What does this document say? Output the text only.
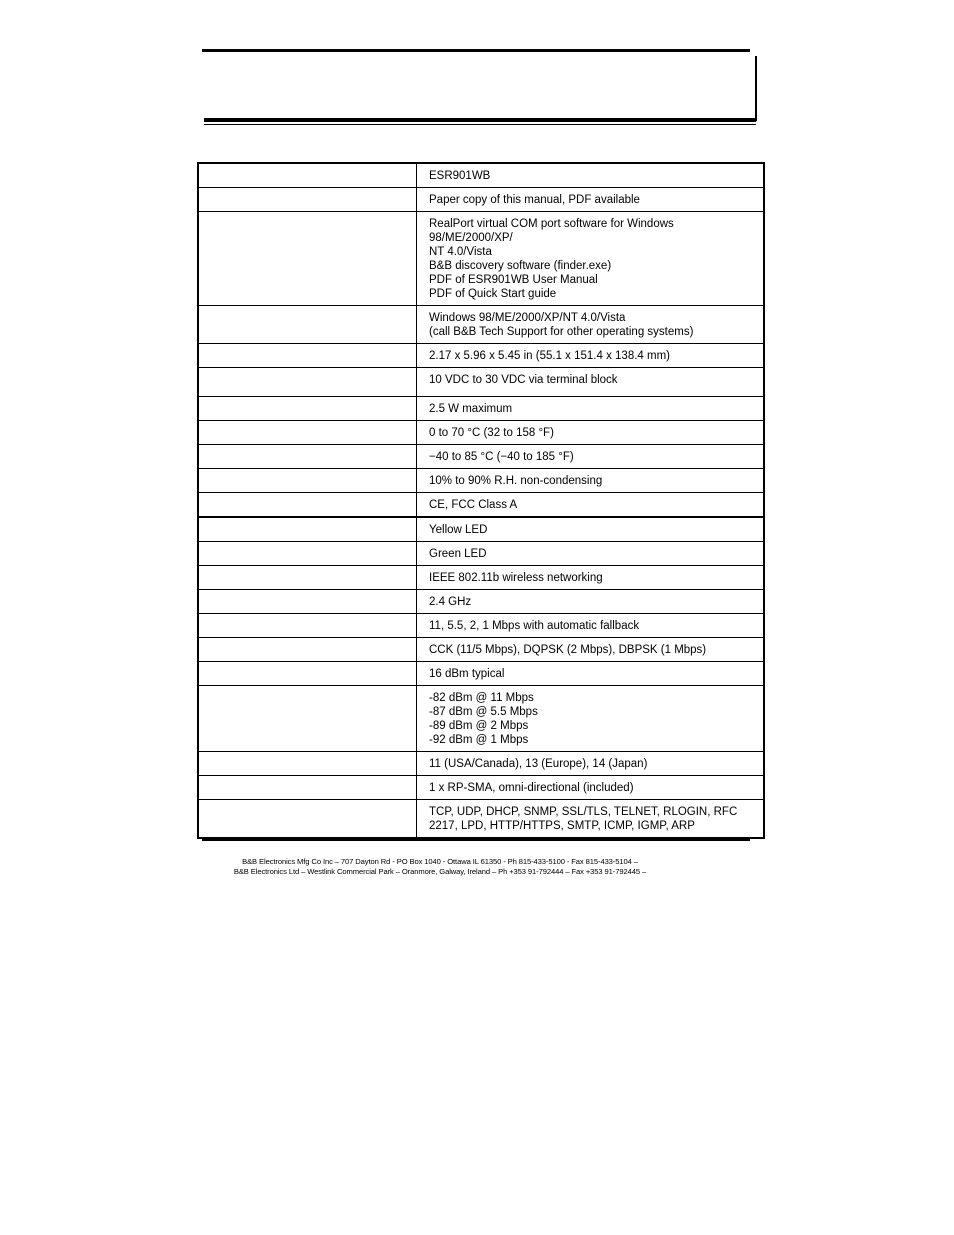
	ESR901WB
	Paper copy of this manual, PDF available
	RealPort virtual COM port software for Windows 98/ME/2000/XP/
NT 4.0/Vista
B&B discovery software (finder.exe)
PDF of ESR901WB User Manual
PDF of Quick Start guide
	Windows 98/ME/2000/XP/NT 4.0/Vista
(call B&B Tech Support for other operating systems)
	2.17 x 5.96 x 5.45 in (55.1 x 151.4 x 138.4 mm)
	10 VDC to 30 VDC via terminal block
	2.5 W maximum
	0 to 70 °C (32 to 158 °F)
	−40 to 85 °C (−40 to 185 °F)
	10% to 90% R.H. non-condensing
	CE, FCC Class A
	Yellow LED
	Green LED
	IEEE 802.11b wireless networking
	2.4 GHz
	11, 5.5, 2, 1 Mbps with automatic fallback
	CCK (11/5 Mbps), DQPSK (2 Mbps), DBPSK (1 Mbps)
	16 dBm typical
	-82 dBm @ 11 Mbps
-87 dBm @ 5.5 Mbps
-89 dBm @ 2 Mbps
-92 dBm @ 1 Mbps
	11 (USA/Canada), 13 (Europe), 14 (Japan)
	1 x RP-SMA, omni-directional (included)
	TCP, UDP, DHCP, SNMP, SSL/TLS, TELNET, RLOGIN, RFC 2217, LPD, HTTP/HTTPS, SMTP, ICMP, IGMP, ARP
B&B Electronics Mfg Co Inc – 707 Dayton Rd - PO Box 1040 - Ottawa IL 61350 - Ph 815-433-5100 - Fax 815-433-5104 –
B&B Electronics Ltd – Westlink Commercial Park – Oranmore, Galway, Ireland – Ph +353 91-792444 – Fax +353 91-792445 –
